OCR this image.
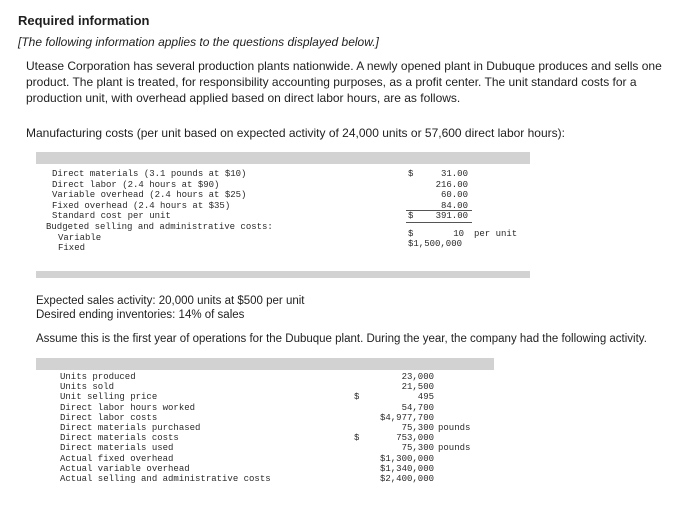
Required information
[The following information applies to the questions displayed below.]
Utease Corporation has several production plants nationwide. A newly opened plant in Dubuque produces and sells one product. The plant is treated, for responsibility accounting purposes, as a profit center. The unit standard costs for a production unit, with overhead applied based on direct labor hours, are as follows.
Manufacturing costs (per unit based on expected activity of 24,000 units or 57,600 direct labor hours):
Direct materials (3.1 pounds at $10)	$	31.00
Direct labor (2.4 hours at $90)	216.00
Variable overhead (2.4 hours at $25)	60.00
Fixed overhead (2.4 hours at $35)	84.00
Standard cost per unit	$	391.00
Budgeted selling and administrative costs:
Variable	$	10 per unit
Fixed	$1,500,000
Expected sales activity: 20,000 units at $500 per unit
Desired ending inventories: 14% of sales
Assume this is the first year of operations for the Dubuque plant. During the year, the company had the following activity.
Units produced	23,000
Units sold	21,500
Unit selling price	$	495
Direct labor hours worked	54,700
Direct labor costs	$4,977,700
Direct materials purchased	75,300 pounds
Direct materials costs	$	753,000
Direct materials used	75,300 pounds
Actual fixed overhead	$1,300,000
Actual variable overhead	$1,340,000
Actual selling and administrative costs	$2,400,000
